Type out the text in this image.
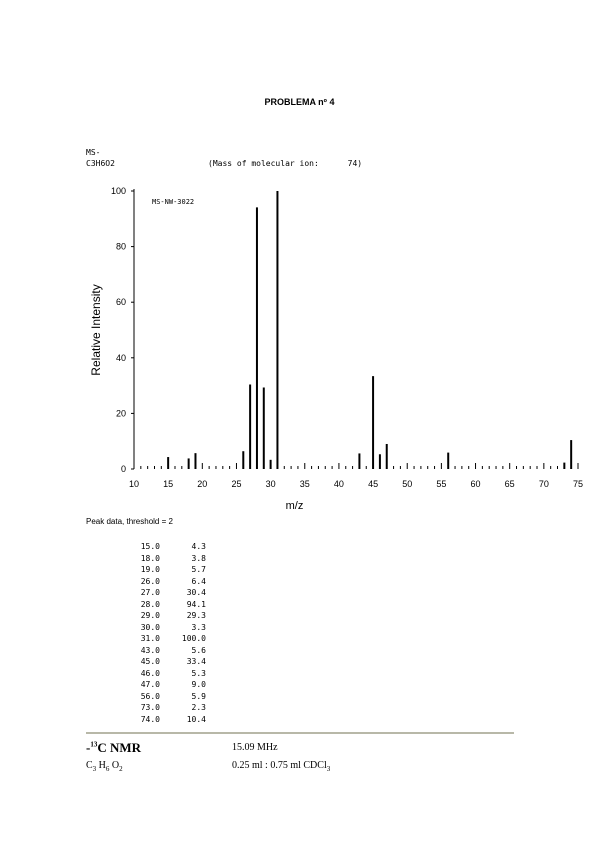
PROBLEMA nº 4
MS-
C3H6O2	(Mass of molecular ion:      74)
0
20
40
60
80
100
10	15	20	25	30	35	40	45	50	55	60	65	70	75
m/z
Relative Intensity
MS-NW-3022
Peak data, threshold = 2
15.0	4.3
18.0	3.8
19.0	5.7
26.0	6.4
27.0	30.4
28.0	94.1
29.0	29.3
30.0	3.3
31.0	100.0
43.0	5.6
45.0	33.4
46.0	5.3
47.0	9.0
56.0	5.9
73.0	2.3
74.0	10.4
-$^{13}$C NMR	15.09 MHz
$C_3$ $H_6$ $O_2$	0.25 ml : 0.75 ml CDCl$_3$
